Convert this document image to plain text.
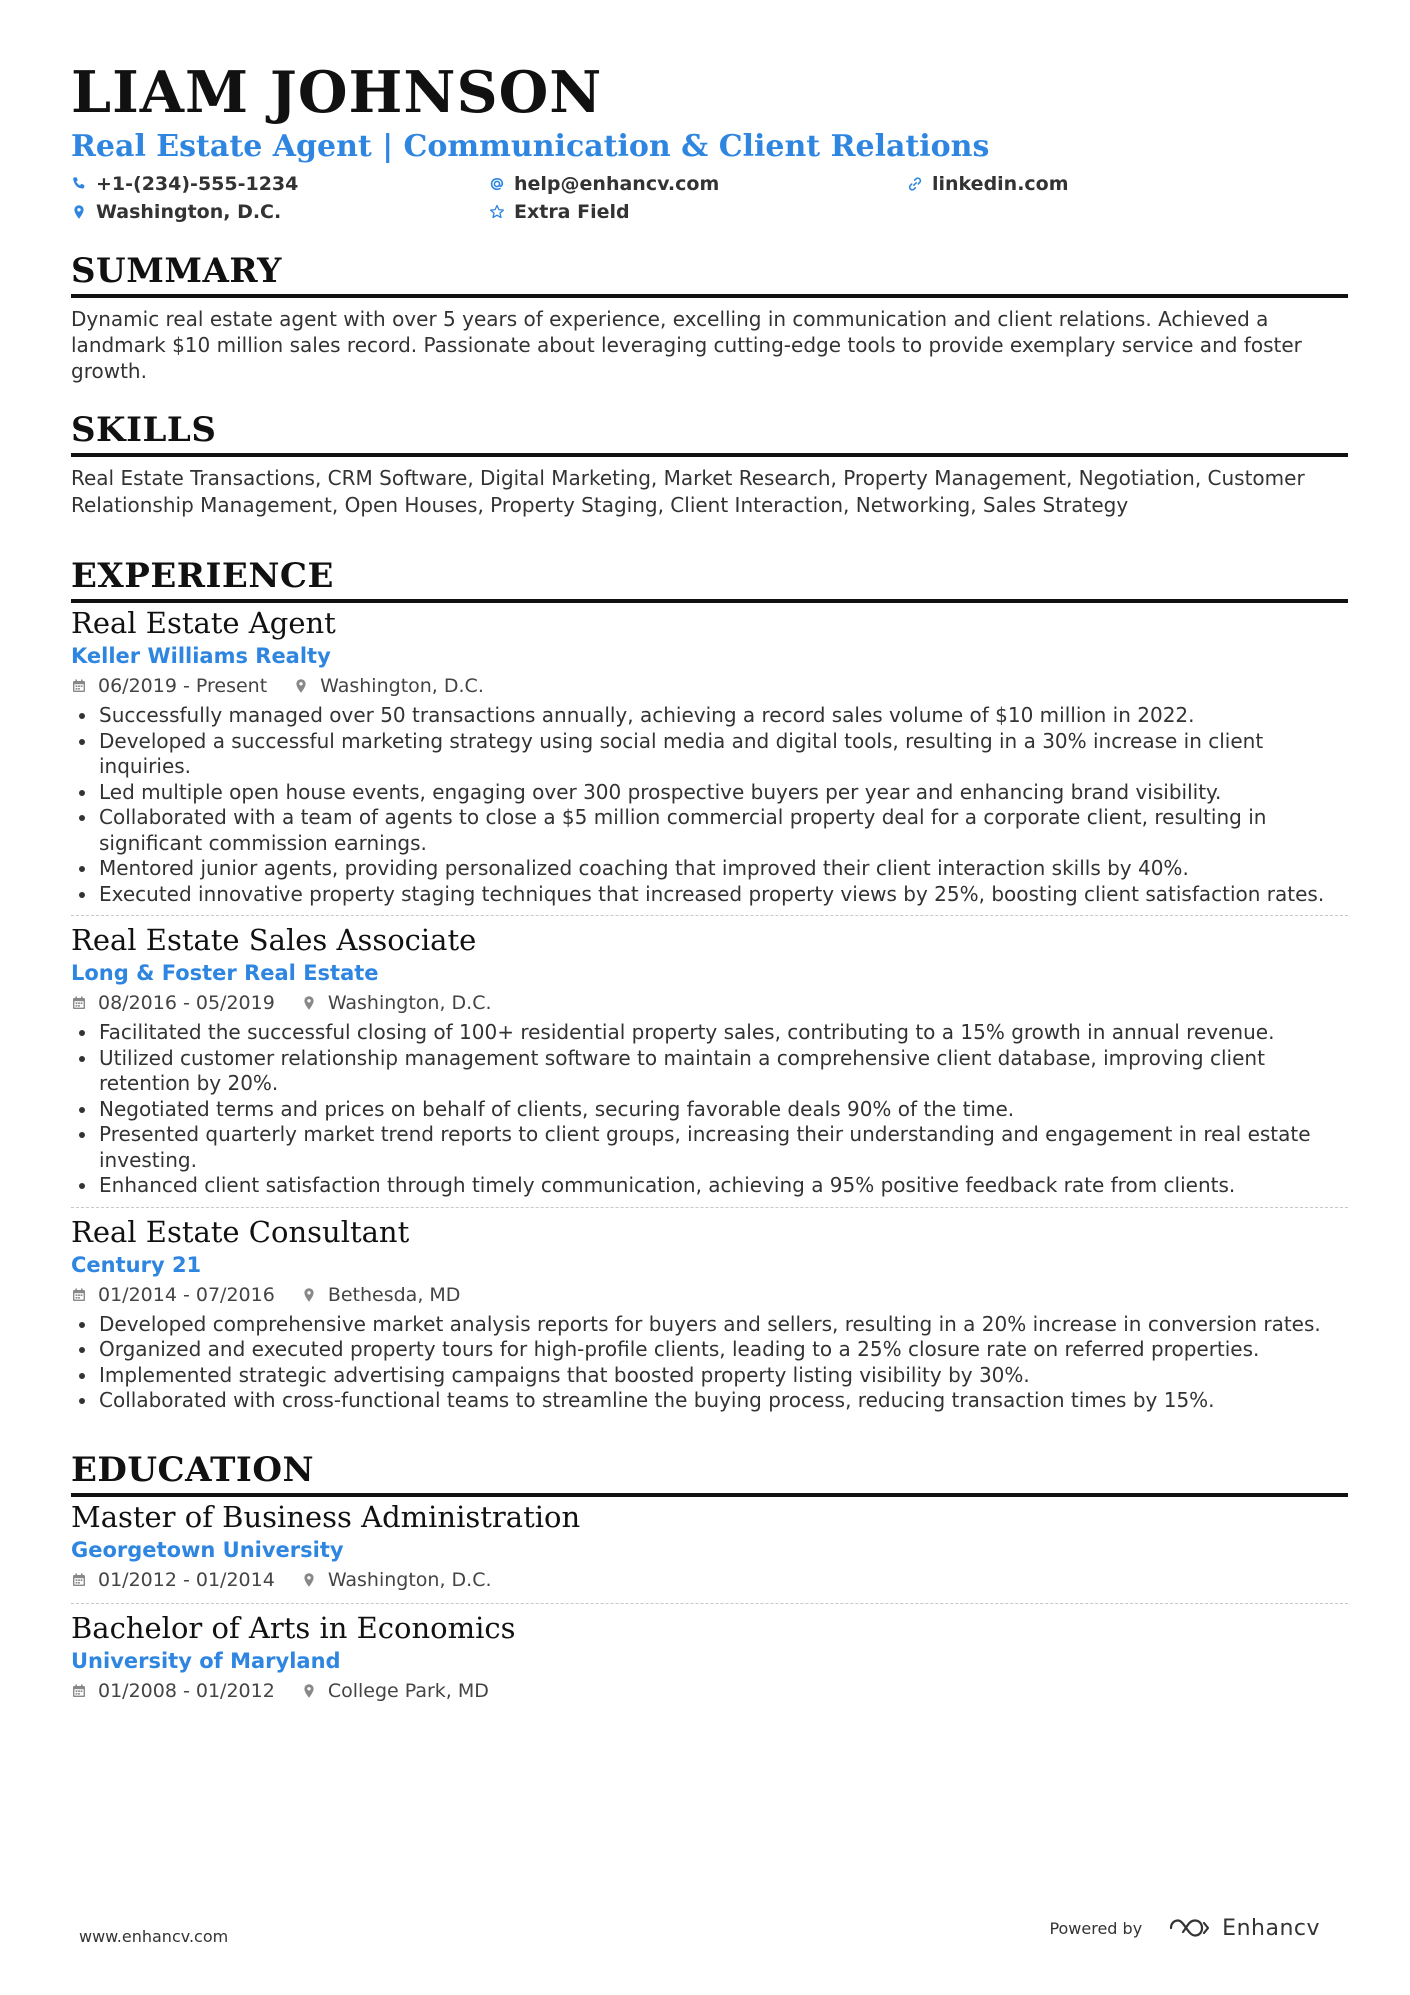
LIAM JOHNSON
Real Estate Agent | Communication & Client Relations
+1-(234)-555-1234	help@enhancv.com	linkedin.com
Washington, D.C.	Extra Field
SUMMARY
Dynamic real estate agent with over 5 years of experience, excelling in communication and client relations. Achieved a landmark $10 million sales record. Passionate about leveraging cutting-edge tools to provide exemplary service and foster growth.
SKILLS
Real Estate Transactions, CRM Software, Digital Marketing, Market Research, Property Management, Negotiation, Customer Relationship Management, Open Houses, Property Staging, Client Interaction, Networking, Sales Strategy
EXPERIENCE
Real Estate Agent
Keller Williams Realty
06/2019 - Present	Washington, D.C.
Successfully managed over 50 transactions annually, achieving a record sales volume of $10 million in 2022.
Developed a successful marketing strategy using social media and digital tools, resulting in a 30% increase in client inquiries.
Led multiple open house events, engaging over 300 prospective buyers per year and enhancing brand visibility.
Collaborated with a team of agents to close a $5 million commercial property deal for a corporate client, resulting in significant commission earnings.
Mentored junior agents, providing personalized coaching that improved their client interaction skills by 40%.
Executed innovative property staging techniques that increased property views by 25%, boosting client satisfaction rates.
Real Estate Sales Associate
Long & Foster Real Estate
08/2016 - 05/2019	Washington, D.C.
Facilitated the successful closing of 100+ residential property sales, contributing to a 15% growth in annual revenue.
Utilized customer relationship management software to maintain a comprehensive client database, improving client retention by 20%.
Negotiated terms and prices on behalf of clients, securing favorable deals 90% of the time.
Presented quarterly market trend reports to client groups, increasing their understanding and engagement in real estate investing.
Enhanced client satisfaction through timely communication, achieving a 95% positive feedback rate from clients.
Real Estate Consultant
Century 21
01/2014 - 07/2016	Bethesda, MD
Developed comprehensive market analysis reports for buyers and sellers, resulting in a 20% increase in conversion rates.
Organized and executed property tours for high-profile clients, leading to a 25% closure rate on referred properties.
Implemented strategic advertising campaigns that boosted property listing visibility by 30%.
Collaborated with cross-functional teams to streamline the buying process, reducing transaction times by 15%.
EDUCATION
Master of Business Administration
Georgetown University
01/2012 - 01/2014	Washington, D.C.
Bachelor of Arts in Economics
University of Maryland
01/2008 - 01/2012	College Park, MD
www.enhancv.com	Powered by	Enhancv
